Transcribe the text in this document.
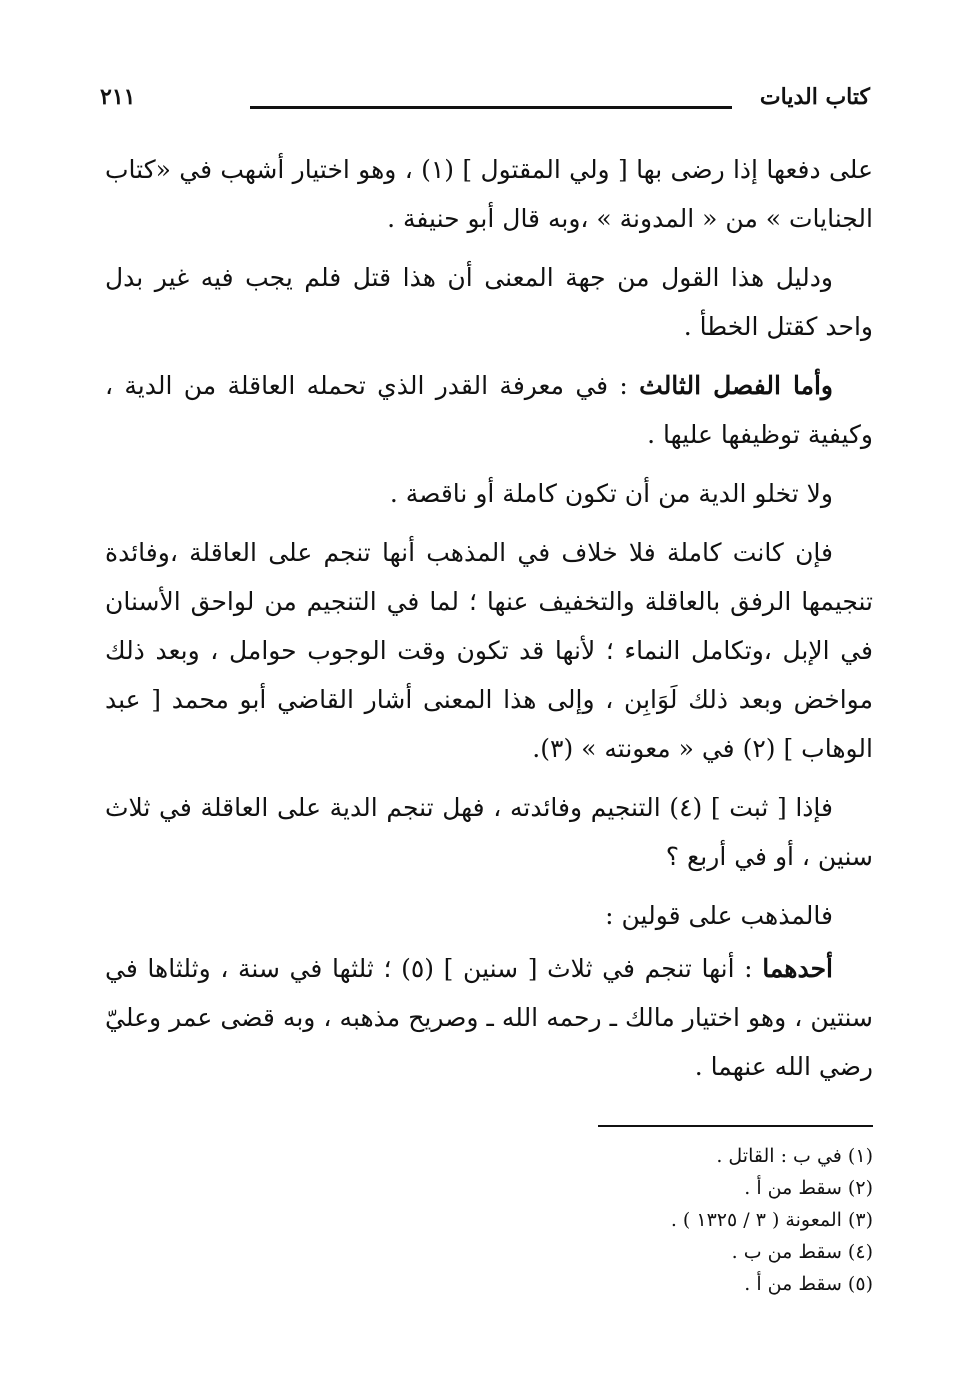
كتاب الديات
٢١١

على دفعها إذا رضى بها [ ولي المقتول ] (١) ، وهو اختيار أشهب في «كتاب الجنايات » من « المدونة » ،وبه قال أبو حنيفة .

ودليل هذا القول من جهة المعنى أن هذا قتل فلم يجب فيه غير بدل واحد كقتل الخطأ .

وأما الفصل الثالث : في معرفة القدر الذي تحمله العاقلة من الدية ، وكيفية توظيفها عليها .

ولا تخلو الدية من أن تكون كاملة أو ناقصة .

فإن كانت كاملة فلا خلاف في المذهب أنها تنجم على العاقلة ،وفائدة تنجيمها الرفق بالعاقلة والتخفيف عنها ؛ لما في التنجيم من لواحق الأسنان في الإبل ،وتكامل النماء ؛ لأنها قد تكون وقت الوجوب حوامل ، وبعد ذلك مواخض وبعد ذلك لَوَابِن ، وإلى هذا المعنى أشار القاضي أبو محمد [ عبد الوهاب ] (٢) في « معونته » (٣).

فإذا [ ثبت ] (٤) التنجيم وفائدته ، فهل تنجم الدية على العاقلة في ثلاث سنين ، أو في أربع ؟

فالمذهب على قولين :

أحدهما : أنها تنجم في ثلاث [ سنين ] (٥) ؛ ثلثها في سنة ، وثلثاها في سنتين ، وهو اختيار مالك ـ رحمه الله ـ وصريح مذهبه ، وبه قضى عمر وعليّ رضي الله عنهما .

(١) في ب : القاتل .

(٢) سقط من أ .

(٣) المعونة ( ٣ / ١٣٢٥ ) .

(٤) سقط من ب .

(٥) سقط من أ .
